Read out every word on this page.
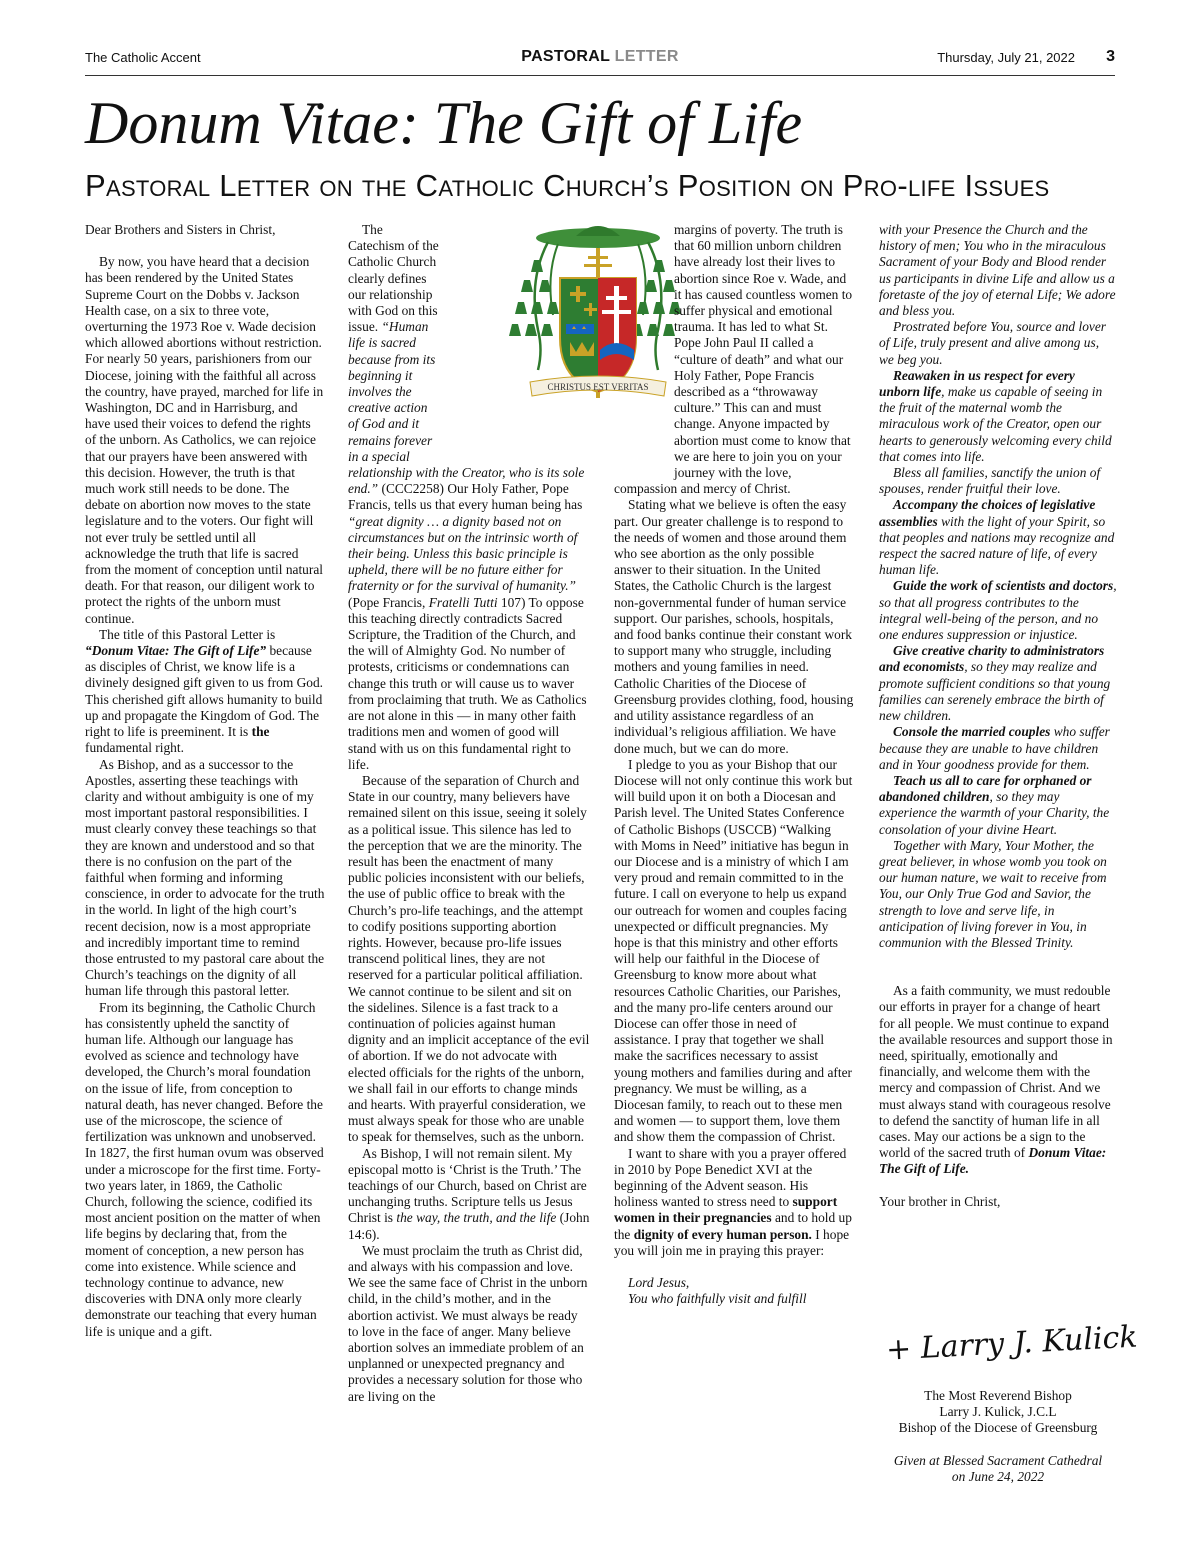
The Catholic Accent	PASTORAL LETTER	Thursday, July 21, 2022 3
Donum Vitae: The Gift of Life
Pastoral Letter on the Catholic Church’s Position on Pro-life Issues
CHRISTUS EST VERITAS

Dear Brothers and Sisters in Christ,

By now, you have heard that a decision has been rendered by the United States Supreme Court on the Dobbs v. Jackson Health case, on a six to three vote, overturning the 1973 Roe v. Wade decision which allowed abortions without restriction. For nearly 50 years, parishioners from our Diocese, joining with the faithful all across the country, have prayed, marched for life in Washington, DC and in Harrisburg, and have used their voices to defend the rights of the unborn. As Catholics, we can rejoice that our prayers have been answered with this decision. However, the truth is that much work still needs to be done. The debate on abortion now moves to the state legislature and to the voters. Our fight will not ever truly be settled until all acknowledge the truth that life is sacred from the moment of conception until natural death. For that reason, our diligent work to protect the rights of the unborn must continue.

The title of this Pastoral Letter is “Donum Vitae: The Gift of Life” because as disciples of Christ, we know life is a divinely designed gift given to us from God. This cherished gift allows humanity to build up and propagate the Kingdom of God. The right to life is preeminent. It is the fundamental right.

As Bishop, and as a successor to the Apostles, asserting these teachings with clarity and without ambiguity is one of my most important pastoral responsibilities. I must clearly convey these teachings so that they are known and understood and so that there is no confusion on the part of the faithful when forming and informing conscience, in order to advocate for the truth in the world. In light of the high court’s recent decision, now is a most appropriate and incredibly important time to remind those entrusted to my pastoral care about the Church’s teachings on the dignity of all human life through this pastoral letter.

From its beginning, the Catholic Church has consistently upheld the sanctity of human life. Although our language has evolved as science and technology have developed, the Church’s moral foundation on the issue of life, from conception to natural death, has never changed. Before the use of the microscope, the science of fertilization was unknown and unobserved. In 1827, the first human ovum was observed under a microscope for the first time. Forty-two years later, in 1869, the Catholic Church, following the science, codified its most ancient position on the matter of when life begins by declaring that, from the moment of conception, a new person has come into existence. While science and technology continue to advance, new discoveries with DNA only more clearly demonstrate our teaching that every human life is unique and a gift.

The Catechism of the Catholic Church clearly defines our relationship with God on this issue. “Human life is sacred because from its beginning it involves the creative action of God and it remains forever in a special relationship with the Creator, who is its sole end.” (CCC2258) Our Holy Father, Pope Francis, tells us that every human being has “great dignity … a dignity based not on circumstances but on the intrinsic worth of their being. Unless this basic principle is upheld, there will be no future either for fraternity or for the survival of humanity.” (Pope Francis, Fratelli Tutti 107) To oppose this teaching directly contradicts Sacred Scripture, the Tradition of the Church, and the will of Almighty God. No number of protests, criticisms or condemnations can change this truth or will cause us to waver from proclaiming that truth. We as Catholics are not alone in this — in many other faith traditions men and women of good will stand with us on this fundamental right to life.

Because of the separation of Church and State in our country, many believers have remained silent on this issue, seeing it solely as a political issue. This silence has led to the perception that we are the minority. The result has been the enactment of many public policies inconsistent with our beliefs, the use of public office to break with the Church’s pro-life teachings, and the attempt to codify positions supporting abortion rights. However, because pro-life issues transcend political lines, they are not reserved for a particular political affiliation. We cannot continue to be silent and sit on the sidelines. Silence is a fast track to a continuation of policies against human dignity and an implicit acceptance of the evil of abortion. If we do not advocate with elected officials for the rights of the unborn, we shall fail in our efforts to change minds and hearts. With prayerful consideration, we must always speak for those who are unable to speak for themselves, such as the unborn.

As Bishop, I will not remain silent. My episcopal motto is ‘Christ is the Truth.’ The teachings of our Church, based on Christ are unchanging truths. Scripture tells us Jesus Christ is the way, the truth, and the life (John 14:6).

We must proclaim the truth as Christ did, and always with his compassion and love. We see the same face of Christ in the unborn child, in the child’s mother, and in the abortion activist. We must always be ready to love in the face of anger. Many believe abortion solves an immediate problem of an unplanned or unexpected pregnancy and provides a necessary solution for those who are living on the

margins of poverty. The truth is that 60 million unborn children have already lost their lives to abortion since Roe v. Wade, and it has caused countless women to suffer physical and emotional trauma. It has led to what St. Pope John Paul II called a “culture of death” and what our Holy Father, Pope Francis described as a “throwaway culture.” This can and must change. Anyone impacted by abortion must come to know that we are here to join you on your journey with the love, compassion and mercy of Christ.

Stating what we believe is often the easy part. Our greater challenge is to respond to the needs of women and those around them who see abortion as the only possible answer to their situation. In the United States, the Catholic Church is the largest non-governmental funder of human service support. Our parishes, schools, hospitals, and food banks continue their constant work to support many who struggle, including mothers and young families in need. Catholic Charities of the Diocese of Greensburg provides clothing, food, housing and utility assistance regardless of an individual’s religious affiliation. We have done much, but we can do more.

I pledge to you as your Bishop that our Diocese will not only continue this work but will build upon it on both a Diocesan and Parish level. The United States Conference of Catholic Bishops (USCCB) “Walking with Moms in Need” initiative has begun in our Diocese and is a ministry of which I am very proud and remain committed to in the future. I call on everyone to help us expand our outreach for women and couples facing unexpected or difficult pregnancies. My hope is that this ministry and other efforts will help our faithful in the Diocese of Greensburg to know more about what resources Catholic Charities, our Parishes, and the many pro-life centers around our Diocese can offer those in need of assistance. I pray that together we shall make the sacrifices necessary to assist young mothers and families during and after pregnancy. We must be willing, as a Diocesan family, to reach out to these men and women — to support them, love them and show them the compassion of Christ.

I want to share with you a prayer offered in 2010 by Pope Benedict XVI at the beginning of the Advent season. His holiness wanted to stress need to support women in their pregnancies and to hold up the dignity of every human person. I hope you will join me in praying this prayer:

Lord Jesus,
You who faithfully visit and fulfill

with your Presence the Church and the history of men; You who in the miraculous Sacrament of your Body and Blood render us participants in divine Life and allow us a foretaste of the joy of eternal Life; We adore and bless you.

Prostrated before You, source and lover of Life, truly present and alive among us, we beg you.

Reawaken in us respect for every unborn life, make us capable of seeing in the fruit of the maternal womb the miraculous work of the Creator, open our hearts to generously welcoming every child that comes into life.

Bless all families, sanctify the union of spouses, render fruitful their love.

Accompany the choices of legislative assemblies with the light of your Spirit, so that peoples and nations may recognize and respect the sacred nature of life, of every human life.

Guide the work of scientists and doctors, so that all progress contributes to the integral well-being of the person, and no one endures suppression or injustice.

Give creative charity to administrators and economists, so they may realize and promote sufficient conditions so that young families can serenely embrace the birth of new children.

Console the married couples who suffer because they are unable to have children and in Your goodness provide for them.

Teach us all to care for orphaned or abandoned children, so they may experience the warmth of your Charity, the consolation of your divine Heart.

Together with Mary, Your Mother, the great believer, in whose womb you took on our human nature, we wait to receive from You, our Only True God and Savior, the strength to love and serve life, in anticipation of living forever in You, in communion with the Blessed Trinity.

As a faith community, we must redouble our efforts in prayer for a change of heart for all people. We must continue to expand the available resources and support those in need, spiritually, emotionally and financially, and welcome them with the mercy and compassion of Christ. And we must always stand with courageous resolve to defend the sanctity of human life in all cases. May our actions be a sign to the world of the sacred truth of Donum Vitae: The Gift of Life.

Your brother in Christ,

+ Larry J. Kulick
The Most Reverend Bishop
Larry J. Kulick, J.C.L
Bishop of the Diocese of Greensburg
Given at Blessed Sacrament Cathedral
on June 24, 2022
